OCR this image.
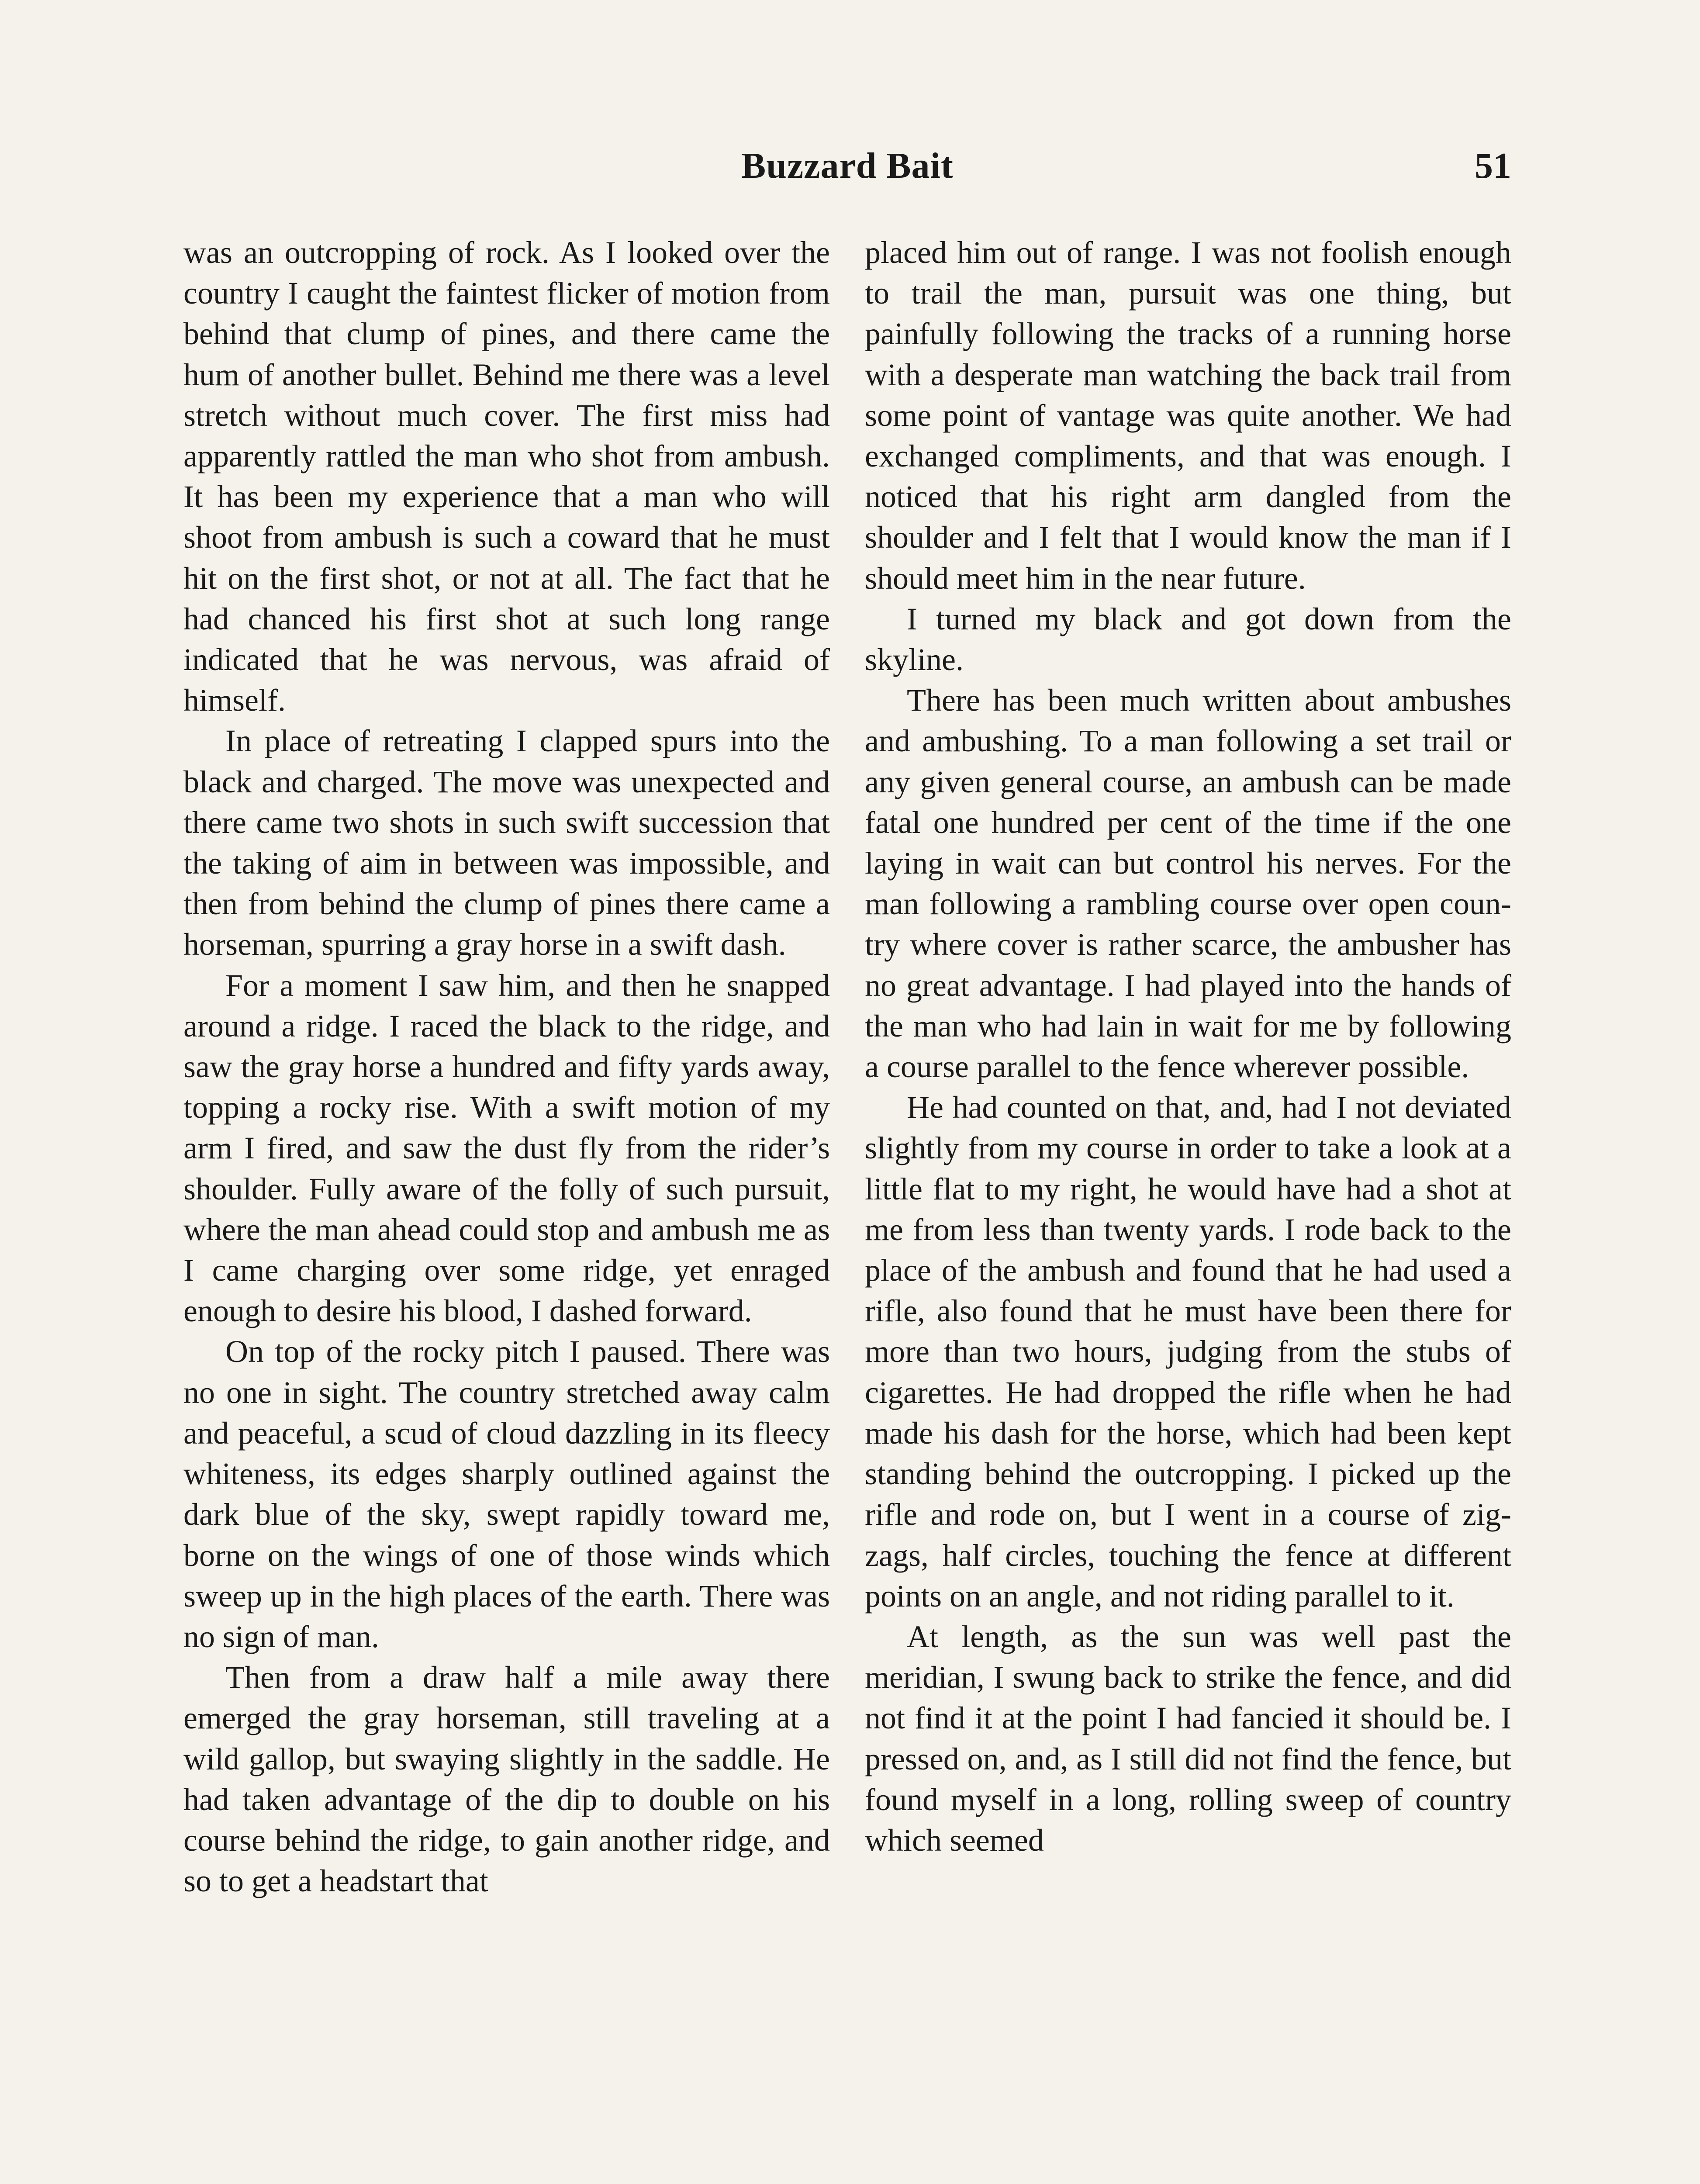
Buzzard Bait	51

was an outcropping of rock. As I looked over the country I caught the faintest flicker of motion from behind that clump of pines, and there came the hum of another bullet. Behind me there was a level stretch without much cover. The first miss had apparently rattled the man who shot from ambush. It has been my experience that a man who will shoot from ambush is such a coward that he must hit on the first shot, or not at all. The fact that he had chanced his first shot at such long range indicated that he was nervous, was afraid of himself.

In place of retreating I clapped spurs into the black and charged. The move was unexpected and there came two shots in such swift succession that the taking of aim in between was impossible, and then from behind the clump of pines there came a horseman, spurring a gray horse in a swift dash.

For a moment I saw him, and then he snapped around a ridge. I raced the black to the ridge, and saw the gray horse a hundred and fifty yards away, topping a rocky rise. With a swift motion of my arm I fired, and saw the dust fly from the rider’s shoulder. Fully aware of the folly of such pursuit, where the man ahead could stop and ambush me as I came charging over some ridge, yet enraged enough to desire his blood, I dashed forward.

On top of the rocky pitch I paused. There was no one in sight. The country stretched away calm and peaceful, a scud of cloud dazzling in its fleecy whiteness, its edges sharply outlined against the dark blue of the sky, swept rapidly toward me, borne on the wings of one of those winds which sweep up in the high places of the earth. There was no sign of man.

Then from a draw half a mile away there emerged the gray horseman, still traveling at a wild gallop, but swaying slightly in the saddle. He had taken advantage of the dip to double on his course behind the ridge, to gain another ridge, and so to get a headstart that

placed him out of range. I was not foolish enough to trail the man, pursuit was one thing, but painfully following the tracks of a running horse with a desperate man watching the back trail from some point of vantage was quite another. We had exchanged compliments, and that was enough. I noticed that his right arm dangled from the shoulder and I felt that I would know the man if I should meet him in the near future.

I turned my black and got down from the skyline.

There has been much written about ambushes and ambushing. To a man following a set trail or any given general course, an ambush can be made fatal one hundred per cent of the time if the one laying in wait can but control his nerves. For the man following a rambling course over open country where cover is rather scarce, the ambusher has no great advantage. I had played into the hands of the man who had lain in wait for me by following a course parallel to the fence wherever possible.

He had counted on that, and, had I not deviated slightly from my course in order to take a look at a little flat to my right, he would have had a shot at me from less than twenty yards. I rode back to the place of the ambush and found that he had used a rifle, also found that he must have been there for more than two hours, judging from the stubs of cigarettes. He had dropped the rifle when he had made his dash for the horse, which had been kept standing behind the outcropping. I picked up the rifle and rode on, but I went in a course of zig-zags, half circles, touching the fence at different points on an angle, and not riding parallel to it.

At length, as the sun was well past the meridian, I swung back to strike the fence, and did not find it at the point I had fancied it should be. I pressed on, and, as I still did not find the fence, but found myself in a long, rolling sweep of country which seemed
